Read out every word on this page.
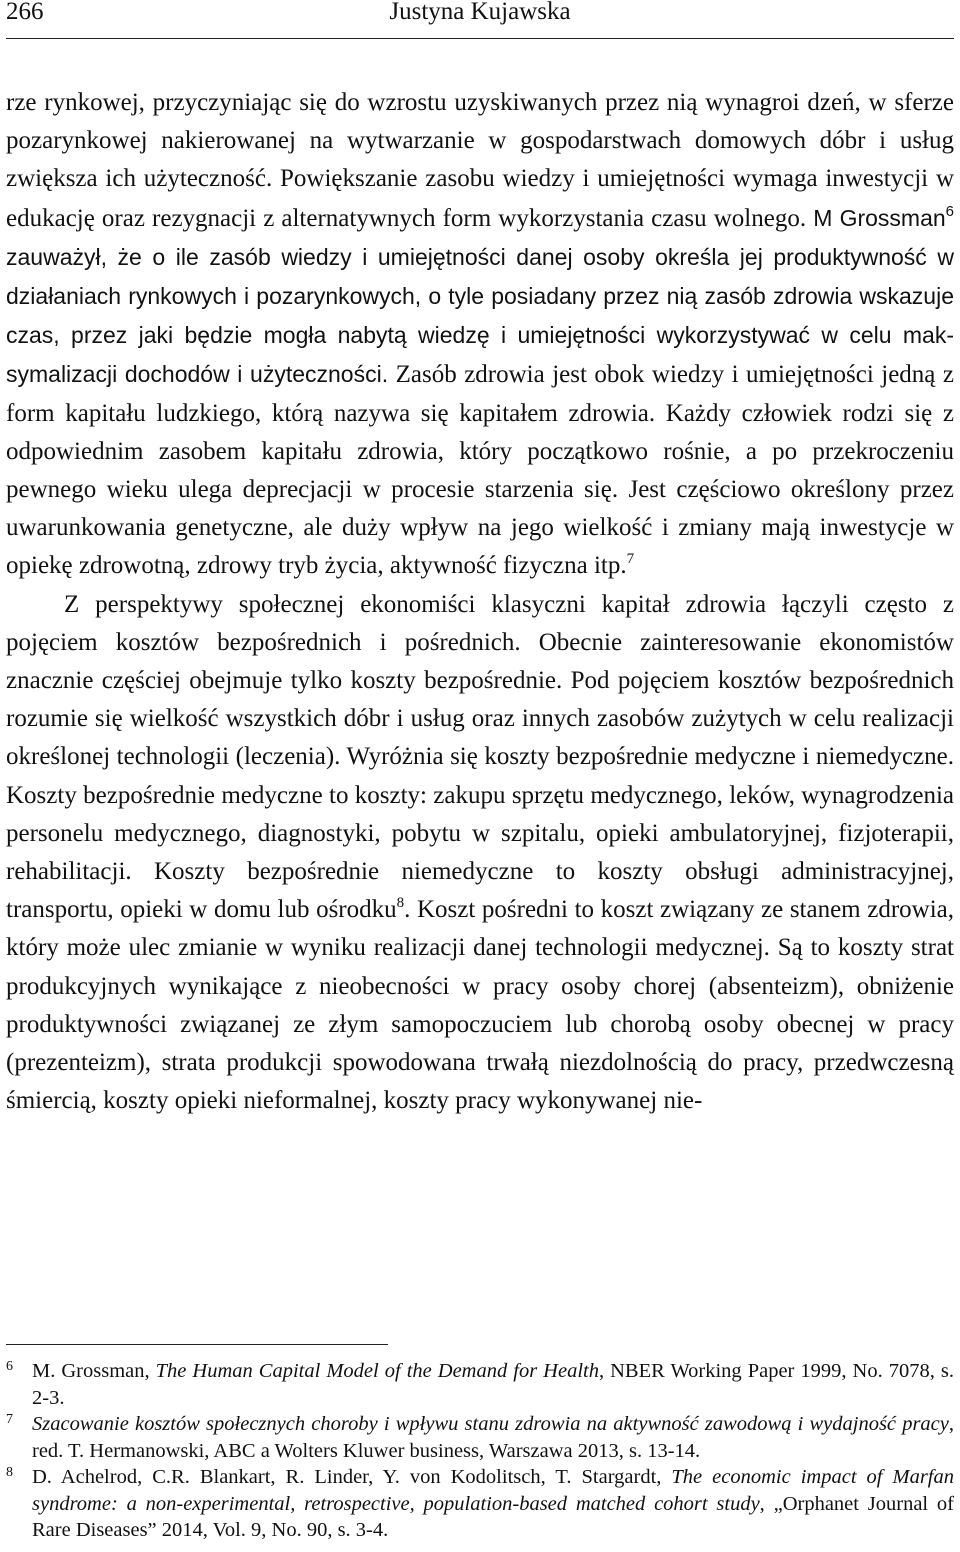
266	Justyna Kujawska

rze rynkowej, przyczyniając się do wzrostu uzyskiwanych przez nią wynagroi dzeń, w sferze pozarynkowej nakierowanej na wytwarzanie w gospodarstwach domowych dóbr i usług zwiększa ich użyteczność. Powiększanie zasobu wiedzy i umiejętności wymaga inwestycji w edukację oraz rezygnacji z alternatywnych form wykorzystania czasu wolnego. M Grossman$^6$ zauważył, że o ile zasób wiedzy i umiejętności danej osoby określa jej produktywność w działaniach rynkowych i pozarynkowych, o tyle posiadany przez nią zasób zdrowia wskazuje czas, przez jaki będzie mogła nabytą wiedzę i umiejętności wykorzystywać w celu maksymalizacji dochodów i użyteczności. Zasób zdrowia jest obok wiedzy i umiejętności jedną z form kapitału ludzkiego, którą nazywa się kapitałem zdrowia. Każdy człowiek rodzi się z odpowiednim zasobem kapitału zdrowia, który początkowo rośnie, a po przekroczeniu pewnego wieku ulega deprecjacji w procesie starzenia się. Jest częściowo określony przez uwarunkowania genetyczne, ale duży wpływ na jego wielkość i zmiany mają inwestycje w opiekę zdrowotną, zdrowy tryb życia, aktywność fizyczna itp.$^7$

Z perspektywy społecznej ekonomiści klasyczni kapitał zdrowia łączyli często z pojęciem kosztów bezpośrednich i pośrednich. Obecnie zainteresowanie ekonomistów znacznie częściej obejmuje tylko koszty bezpośrednie. Pod pojęciem kosztów bezpośrednich rozumie się wielkość wszystkich dóbr i usług oraz innych zasobów zużytych w celu realizacji określonej technologii (leczenia). Wyróżnia się koszty bezpośrednie medyczne i niemedyczne. Koszty bezpośrednie medyczne to koszty: zakupu sprzętu medycznego, leków, wynagrodzenia personelu medycznego, diagnostyki, pobytu w szpitalu, opieki ambulatoryjnej, fizjoterapii, rehabilitacji. Koszty bezpośrednie niemedyczne to koszty obsługi administracyjnej, transportu, opieki w domu lub ośrodku$^8$. Koszt pośredni to koszt związany ze stanem zdrowia, który może ulec zmianie w wyniku realizacji danej technologii medycznej. Są to koszty strat produkcyjnych wynikające z nieobecności w pracy osoby chorej (absenteizm), obniżenie produktywności związanej ze złym samopoczuciem lub chorobą osoby obecnej w pracy (prezenteizm), strata produkcji spowodowana trwałą niezdolnością do pracy, przedwczesną śmiercią, koszty opieki nieformalnej, koszty pracy wykonywanej nie-

6 M. Grossman, The Human Capital Model of the Demand for Health, NBER Working Paper 1999, No. 7078, s. 2-3.

7 Szacowanie kosztów społecznych choroby i wpływu stanu zdrowia na aktywność zawodową i wydajność pracy, red. T. Hermanowski, ABC a Wolters Kluwer business, Warszawa 2013, s. 13-14.

8 D. Achelrod, C.R. Blankart, R. Linder, Y. von Kodolitsch, T. Stargardt, The economic impact of Marfan syndrome: a non-experimental, retrospective, population-based matched cohort study, „Orphanet Journal of Rare Diseases” 2014, Vol. 9, No. 90, s. 3-4.
